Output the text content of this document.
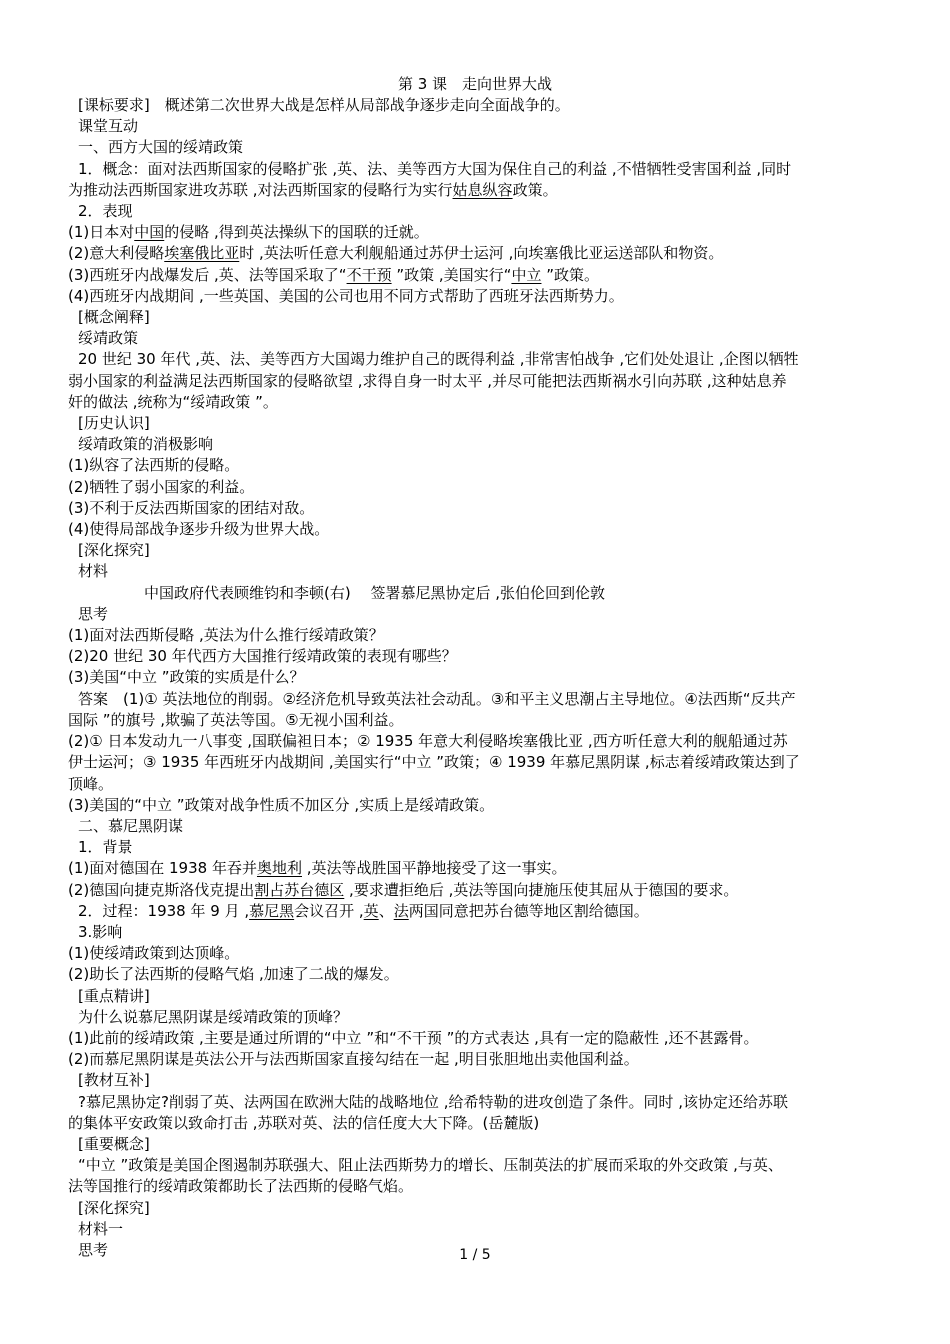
第 3 课　走向世界大战
[课标要求]　概述第二次世界大战是怎样从局部战争逐步走向全面战争的。
课堂互动
一、西方大国的绥靖政策
1．概念：面对法西斯国家的侵略扩张 ,英、法、美等西方大国为保住自己的利益 ,不惜牺牲受害国利益 ,同时
为推动法西斯国家进攻苏联 ,对法西斯国家的侵略行为实行姑息纵容政策。
2．表现
(1)日本对中国的侵略 ,得到英法操纵下的国联的迁就。
(2)意大利侵略埃塞俄比亚时 ,英法听任意大利舰船通过苏伊士运河 ,向埃塞俄比亚运送部队和物资。
(3)西班牙内战爆发后 ,英、法等国采取了“不干预 ”政策 ,美国实行“中立 ”政策。
(4)西班牙内战期间 ,一些英国、美国的公司也用不同方式帮助了西班牙法西斯势力。
[概念阐释]
绥靖政策
20 世纪 30 年代 ,英、法、美等西方大国竭力维护自己的既得利益 ,非常害怕战争 ,它们处处退让 ,企图以牺牲
弱小国家的利益满足法西斯国家的侵略欲望 ,求得自身一时太平 ,并尽可能把法西斯祸水引向苏联 ,这种姑息养
奸的做法 ,统称为“绥靖政策 ”。
[历史认识]
绥靖政策的消极影响
(1)纵容了法西斯的侵略。
(2)牺牲了弱小国家的利益。
(3)不利于反法西斯国家的团结对敌。
(4)使得局部战争逐步升级为世界大战。
[深化探究]
材料
中国政府代表顾维钧和李顿(右)　 签署慕尼黑协定后 ,张伯伦回到伦敦
思考
(1)面对法西斯侵略 ,英法为什么推行绥靖政策？
(2)20 世纪 30 年代西方大国推行绥靖政策的表现有哪些？
(3)美国“中立 ”政策的实质是什么？
答案　(1)① 英法地位的削弱。②经济危机导致英法社会动乱。③和平主义思潮占主导地位。④法西斯“反共产
国际 ”的旗号 ,欺骗了英法等国。⑤无视小国利益。
(2)① 日本发动九一八事变 ,国联偏袒日本；② 1935 年意大利侵略埃塞俄比亚 ,西方听任意大利的舰船通过苏
伊士运河；③ 1935 年西班牙内战期间 ,美国实行“中立 ”政策；④ 1939 年慕尼黑阴谋 ,标志着绥靖政策达到了
顶峰。
(3)美国的“中立 ”政策对战争性质不加区分 ,实质上是绥靖政策。
二、慕尼黑阴谋
1．背景
(1)面对德国在 1938 年吞并奥地利 ,英法等战胜国平静地接受了这一事实。
(2)德国向捷克斯洛伐克提出割占苏台德区 ,要求遭拒绝后 ,英法等国向捷施压使其屈从于德国的要求。
2．过程：1938 年 9 月 ,慕尼黑会议召开 ,英、法两国同意把苏台德等地区割给德国。
3.影响
(1)使绥靖政策到达顶峰。
(2)助长了法西斯的侵略气焰 ,加速了二战的爆发。
[重点精讲]
为什么说慕尼黑阴谋是绥靖政策的顶峰？
(1)此前的绥靖政策 ,主要是通过所谓的“中立 ”和“不干预 ”的方式表达 ,具有一定的隐蔽性 ,还不甚露骨。
(2)而慕尼黑阴谋是英法公开与法西斯国家直接勾结在一起 ,明目张胆地出卖他国利益。
[教材互补]
?慕尼黑协定?削弱了英、法两国在欧洲大陆的战略地位 ,给希特勒的进攻创造了条件。同时 ,该协定还给苏联
的集体平安政策以致命打击 ,苏联对英、法的信任度大大下降。(岳麓版)
[重要概念]
“中立 ”政策是美国企图遏制苏联强大、阻止法西斯势力的增长、压制英法的扩展而采取的外交政策 ,与英、
法等国推行的绥靖政策都助长了法西斯的侵略气焰。
[深化探究]
材料一
思考	1 / 5
